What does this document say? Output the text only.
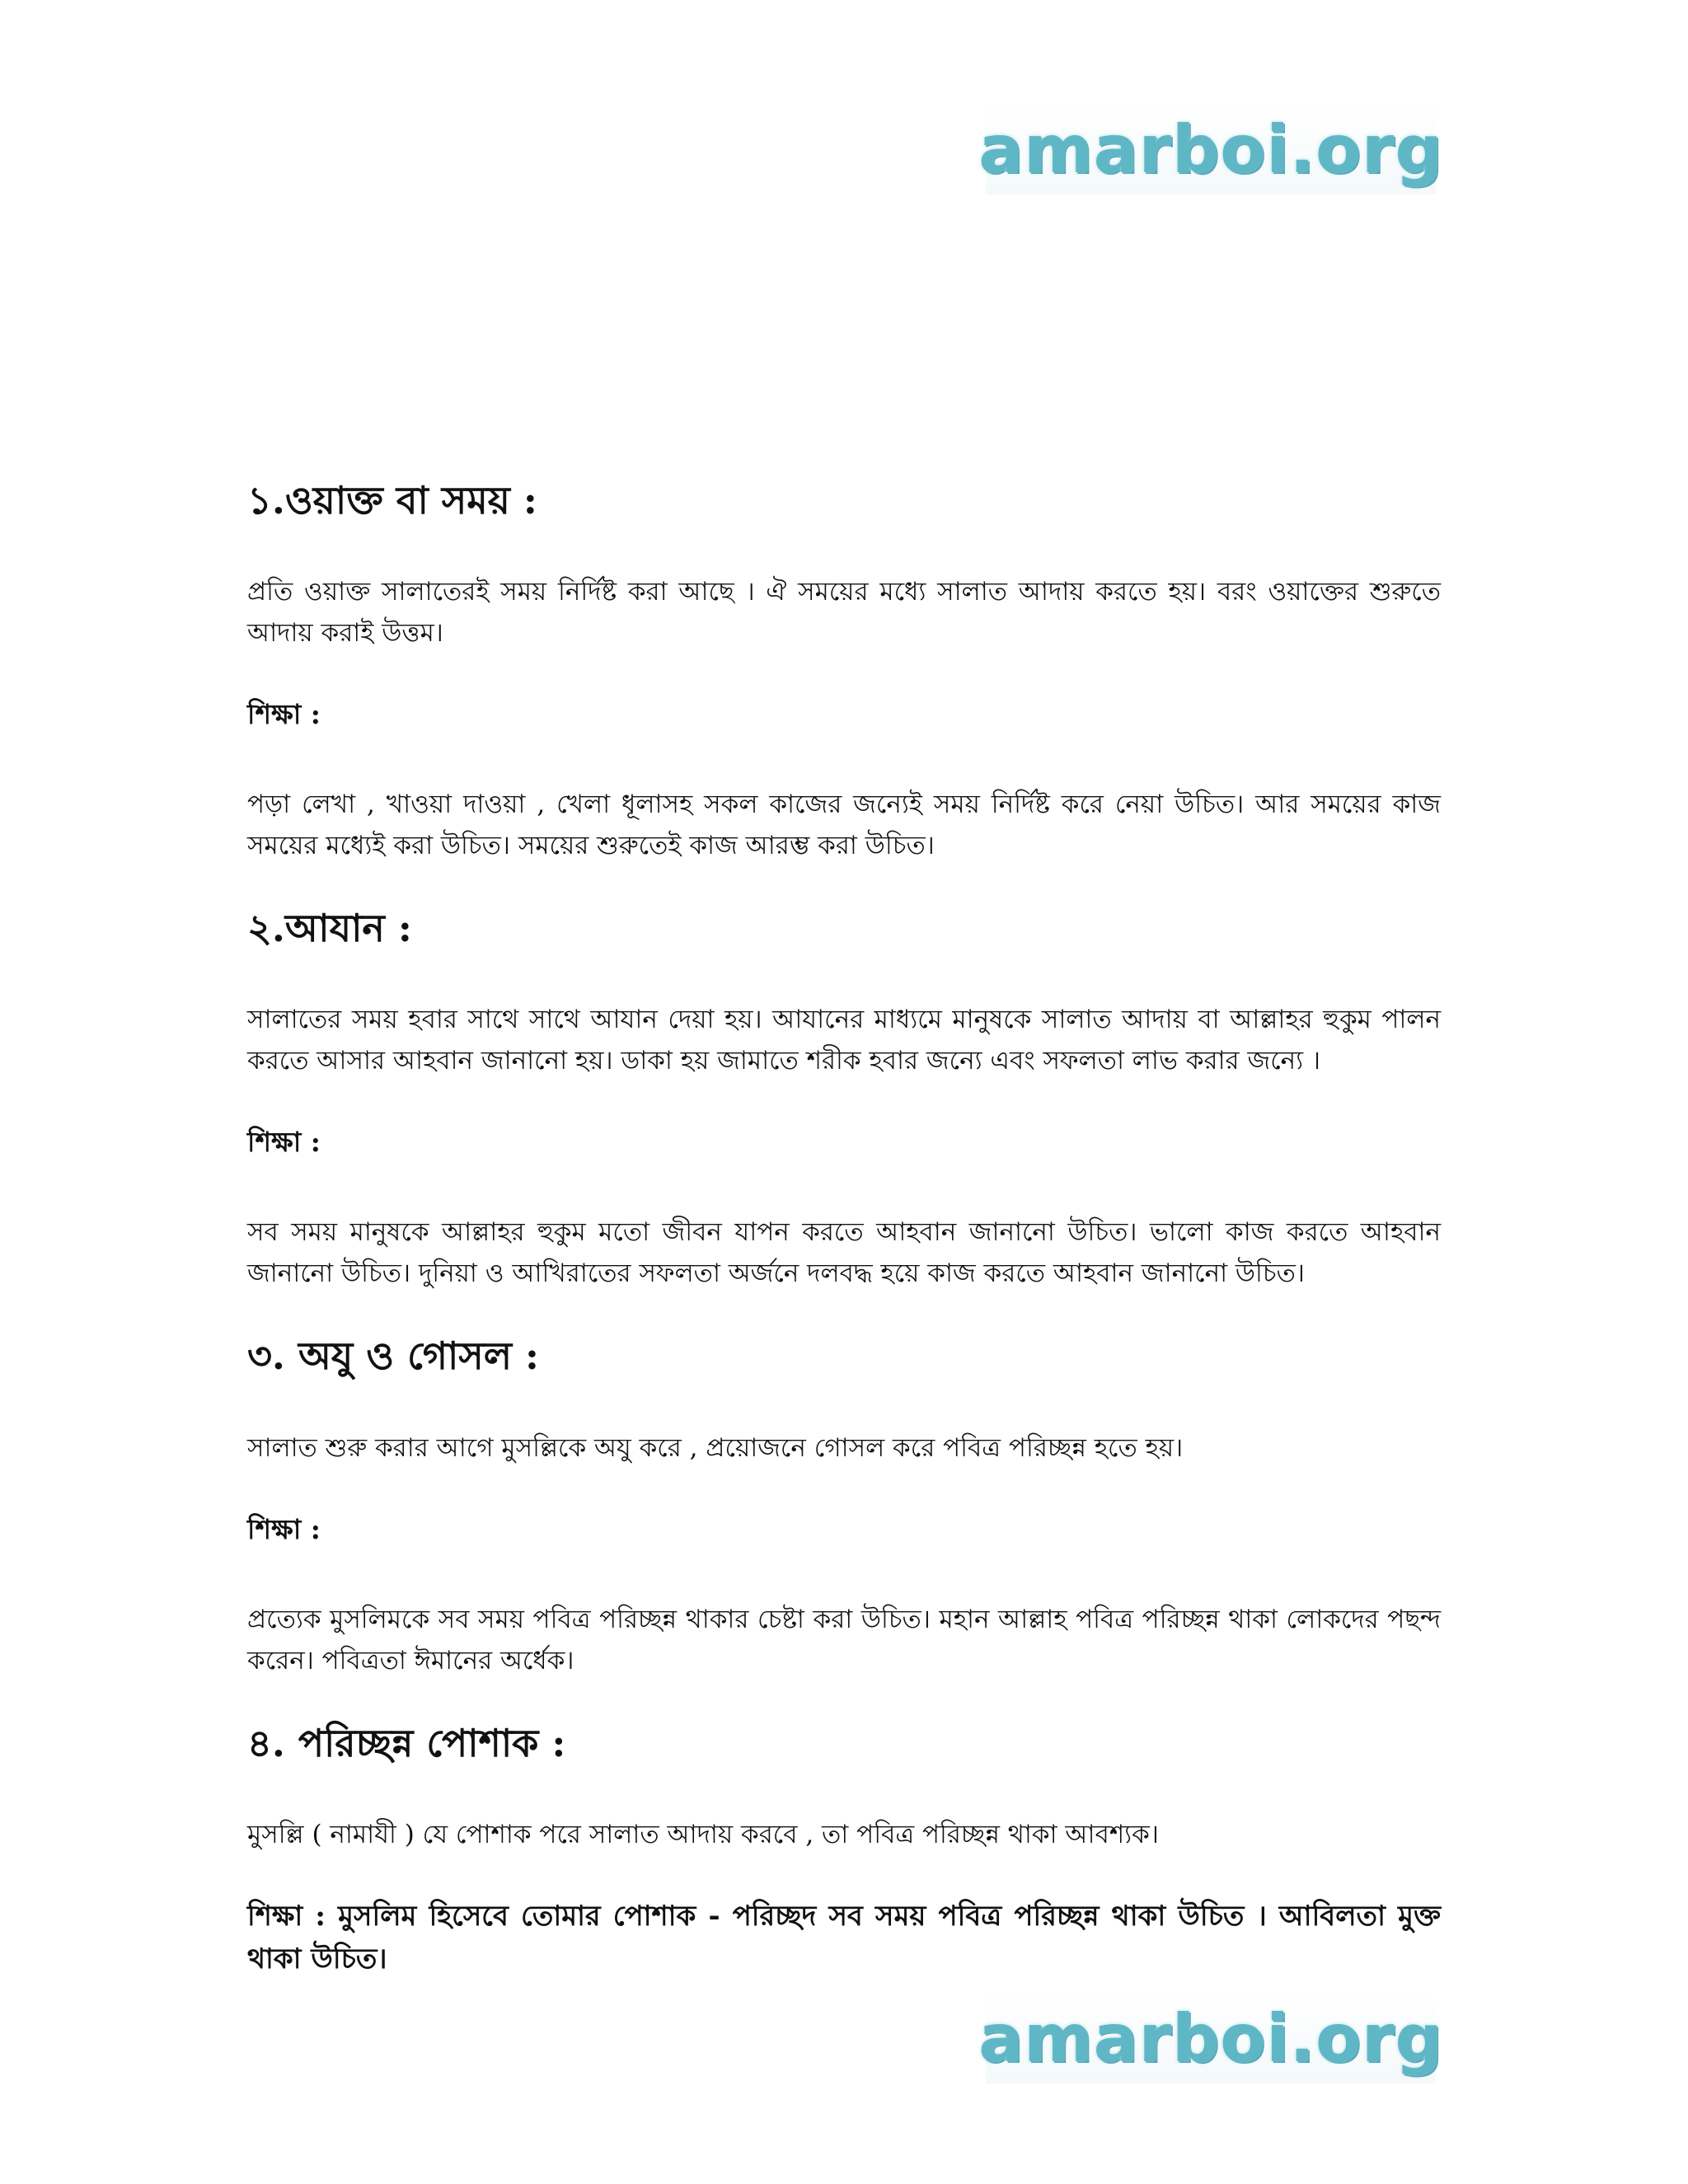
amarboi.org
১.ওয়াক্ত বা সময় :

প্রতি ওয়াক্ত সালাতেরই সময় নির্দিষ্ট করা আছে । ঐ সময়ের মধ্যে সালাত আদায় করতে হয়। বরং ওয়াক্তের শুরুতে আদায় করাই উত্তম।

শিক্ষা :

পড়া লেখা , খাওয়া দাওয়া , খেলা ধূলাসহ সকল কাজের জন্যেই সময় নির্দিষ্ট করে নেয়া উচিত। আর সময়ের কাজ সময়ের মধ্যেই করা উচিত। সময়ের শুরুতেই কাজ আরম্ভ করা উচিত।

২.আযান :

সালাতের সময় হবার সাথে সাথে আযান দেয়া হয়। আযানের মাধ্যমে মানুষকে সালাত আদায় বা আল্লাহর হুকুম পালন করতে আসার আহবান জানানো হয়। ডাকা হয় জামাতে শরীক হবার জন্যে এবং সফলতা লাভ করার জন্যে ।

শিক্ষা :

সব সময় মানুষকে আল্লাহর হুকুম মতো জীবন যাপন করতে আহবান জানানো উচিত। ভালো কাজ করতে আহবান জানানো উচিত। দুনিয়া ও আখিরাতের সফলতা অর্জনে দলবদ্ধ হয়ে কাজ করতে আহবান জানানো উচিত।

৩. অযু ও গোসল :

সালাত শুরু করার আগে মুসল্লিকে অযু করে , প্রয়োজনে গোসল করে পবিত্র পরিচ্ছন্ন হতে হয়।

শিক্ষা :

প্রত্যেক মুসলিমকে সব সময় পবিত্র পরিচ্ছন্ন থাকার চেষ্টা করা উচিত। মহান আল্লাহ পবিত্র পরিচ্ছন্ন থাকা লোকদের পছন্দ করেন। পবিত্রতা ঈমানের অর্ধেক।

৪. পরিচ্ছন্ন পোশাক :

মুসল্লি ( নামাযী ) যে পোশাক পরে সালাত আদায় করবে , তা পবিত্র পরিচ্ছন্ন থাকা আবশ্যক।

শিক্ষা : মুসলিম হিসেবে তোমার পোশাক - পরিচ্ছদ সব সময় পবিত্র পরিচ্ছন্ন থাকা উচিত । আবিলতা মুক্ত থাকা উচিত।

amarboi.org
